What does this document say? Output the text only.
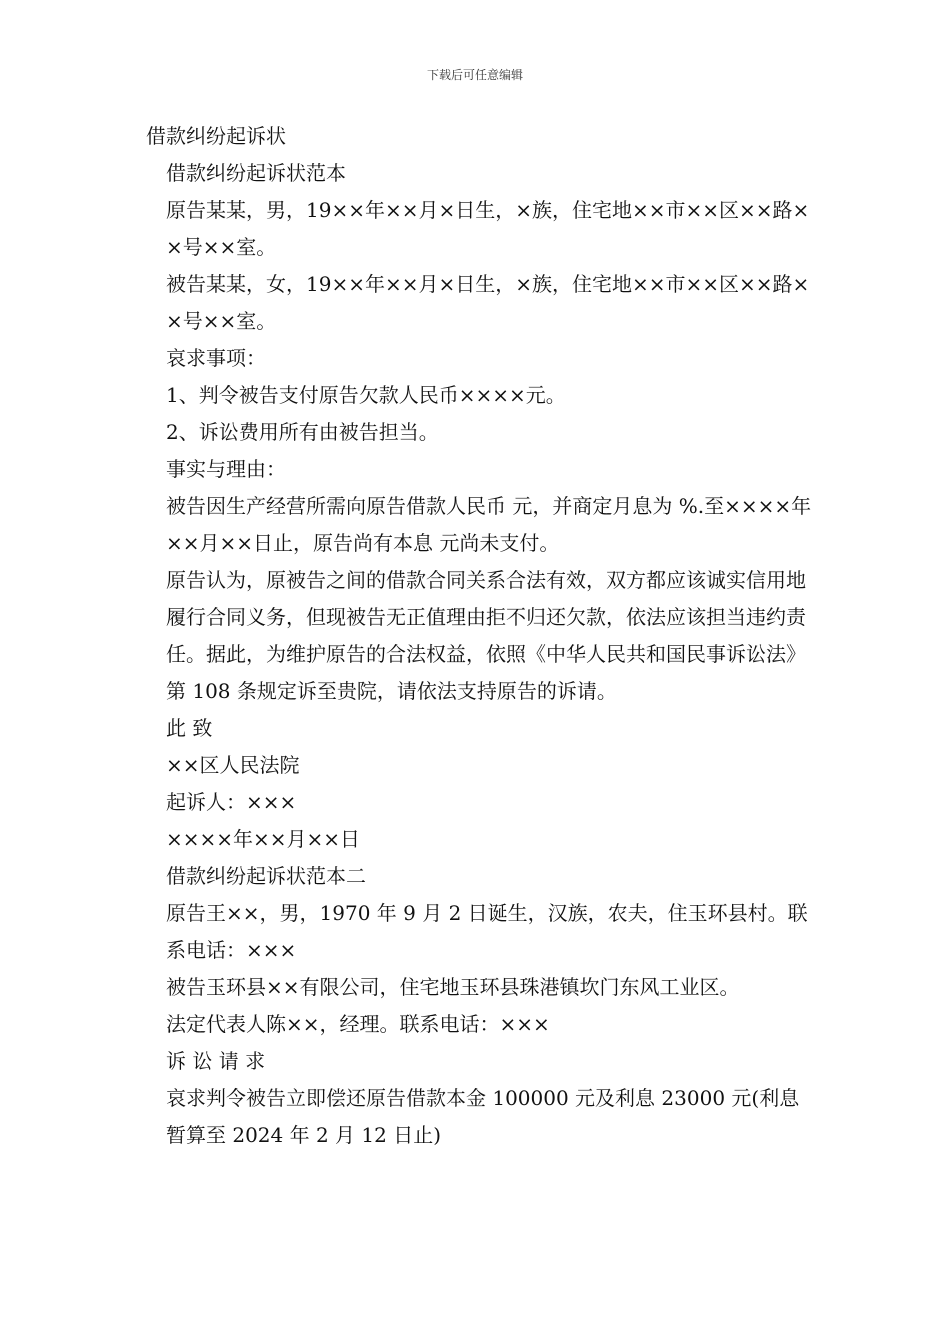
下载后可任意编辑

借款纠纷起诉状

借款纠纷起诉状范本

原告某某，男，19××年××月×日生，×族，住宅地××市××区××路××号××室。

被告某某，女，19××年××月×日生，×族，住宅地××市××区××路××号××室。

哀求事项：

1、判令被告支付原告欠款人民币××××元。

2、诉讼费用所有由被告担当。

事实与理由：

被告因生产经营所需向原告借款人民币 元，并商定月息为 %.至××××年××月××日止，原告尚有本息 元尚未支付。

原告认为，原被告之间的借款合同关系合法有效，双方都应该诚实信用地履行合同义务，但现被告无正值理由拒不归还欠款，依法应该担当违约责任。据此，为维护原告的合法权益，依照《中华人民共和国民事诉讼法》第 108 条规定诉至贵院，请依法支持原告的诉请。

此 致

××区人民法院

起诉人：×××

××××年××月××日

借款纠纷起诉状范本二

原告王××，男，1970 年 9 月 2 日诞生，汉族，农夫，住玉环县村。联系电话：×××

被告玉环县××有限公司，住宅地玉环县珠港镇坎门东风工业区。

法定代表人陈××，经理。联系电话：×××

诉 讼 请 求

哀求判令被告立即偿还原告借款本金 100000 元及利息 23000 元(利息暂算至 2024 年 2 月 12 日止)
